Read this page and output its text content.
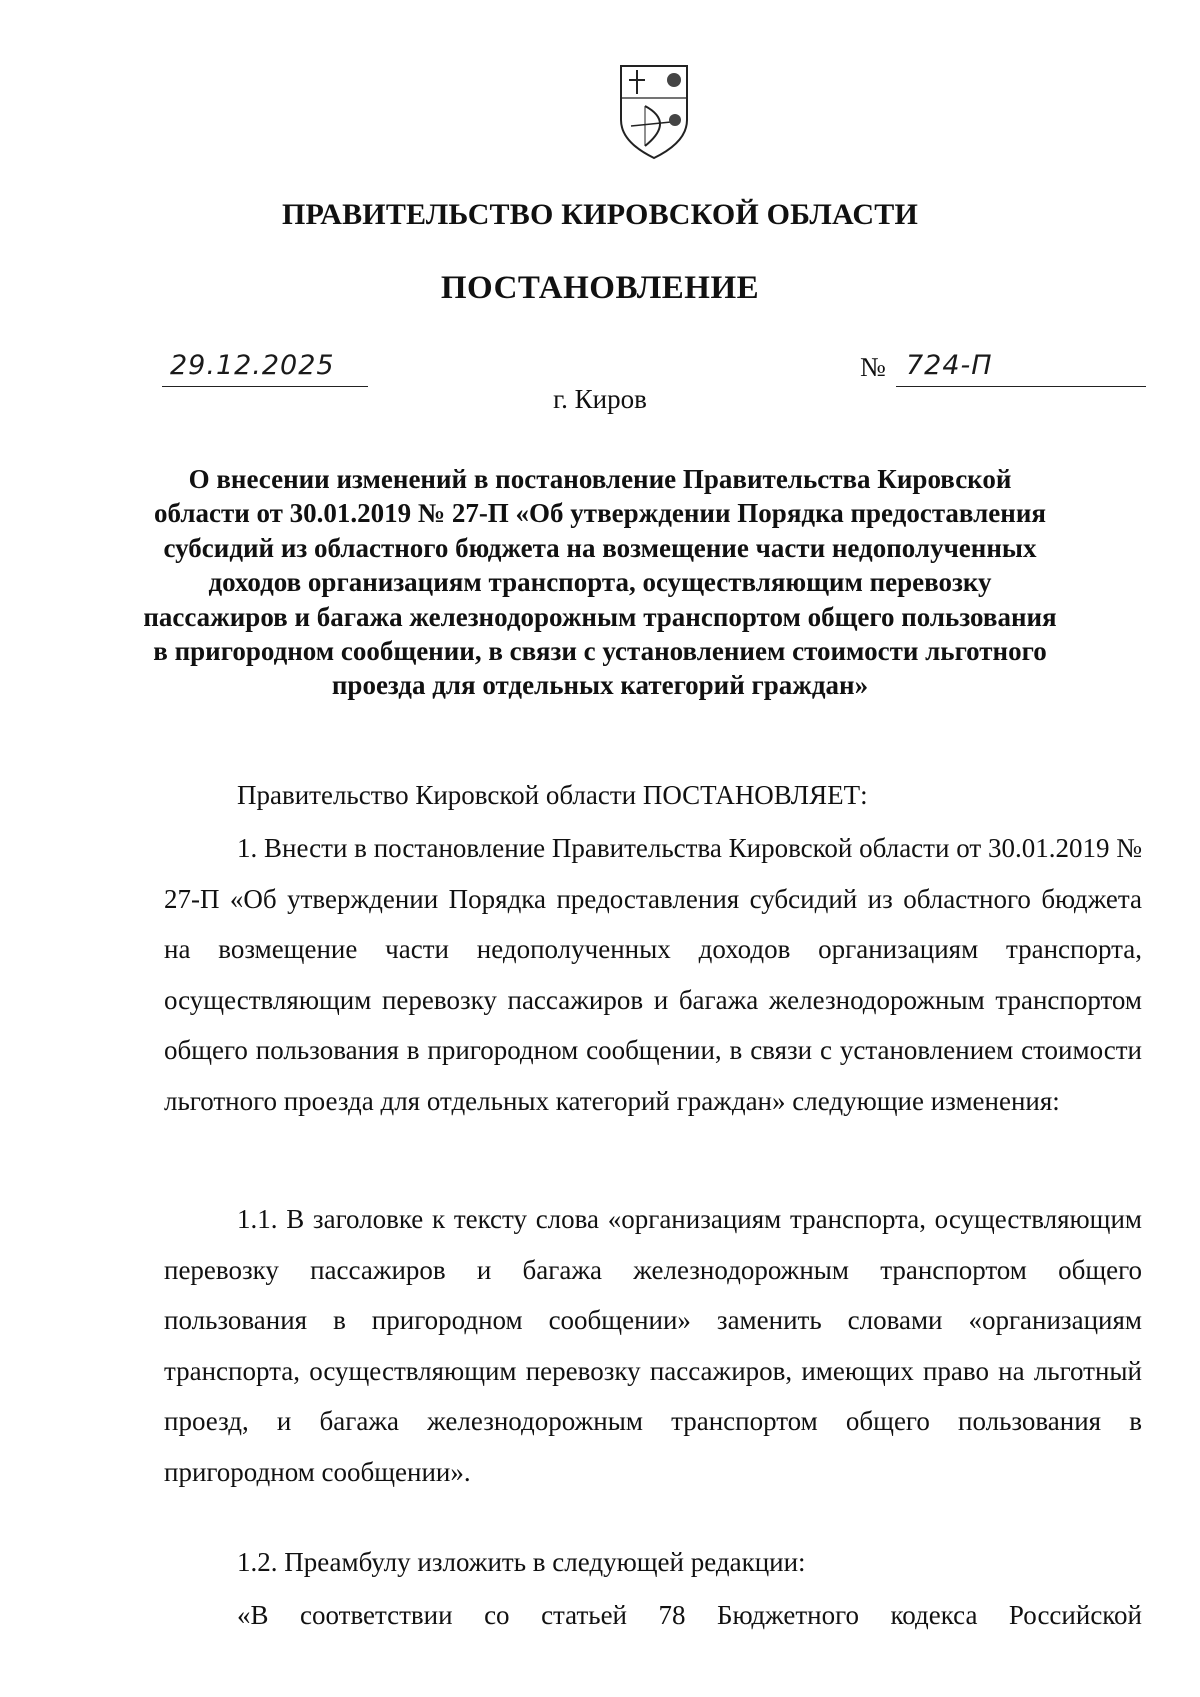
ПРАВИТЕЛЬСТВО КИРОВСКОЙ ОБЛАСТИ
ПОСТАНОВЛЕНИЕ
29.12.2025	№ 724-П
г. Киров
О внесении изменений в постановление Правительства Кировской области от 30.01.2019 № 27-П «Об утверждении Порядка предоставления субсидий из областного бюджета на возмещение части недополученных доходов организациям транспорта, осуществляющим перевозку пассажиров и багажа железнодорожным транспортом общего пользования в пригородном сообщении, в связи с установлением стоимости льготного проезда для отдельных категорий граждан»
Правительство Кировской области ПОСТАНОВЛЯЕТ:
1. Внести в постановление Правительства Кировской области от 30.01.2019 № 27-П «Об утверждении Порядка предоставления субсидий из областного бюджета на возмещение части недополученных доходов организациям транспорта, осуществляющим перевозку пассажиров и багажа железнодорожным транспортом общего пользования в пригородном сообщении, в связи с установлением стоимости льготного проезда для отдельных категорий граждан» следующие изменения:
1.1. В заголовке к тексту слова «организациям транспорта, осуществляющим перевозку пассажиров и багажа железнодорожным транспортом общего пользования в пригородном сообщении» заменить словами «организациям транспорта, осуществляющим перевозку пассажиров, имеющих право на льготный проезд, и багажа железнодорожным транспортом общего пользования в пригородном сообщении».
1.2. Преамбулу изложить в следующей редакции:
«В соответствии со статьей 78 Бюджетного кодекса Российской
